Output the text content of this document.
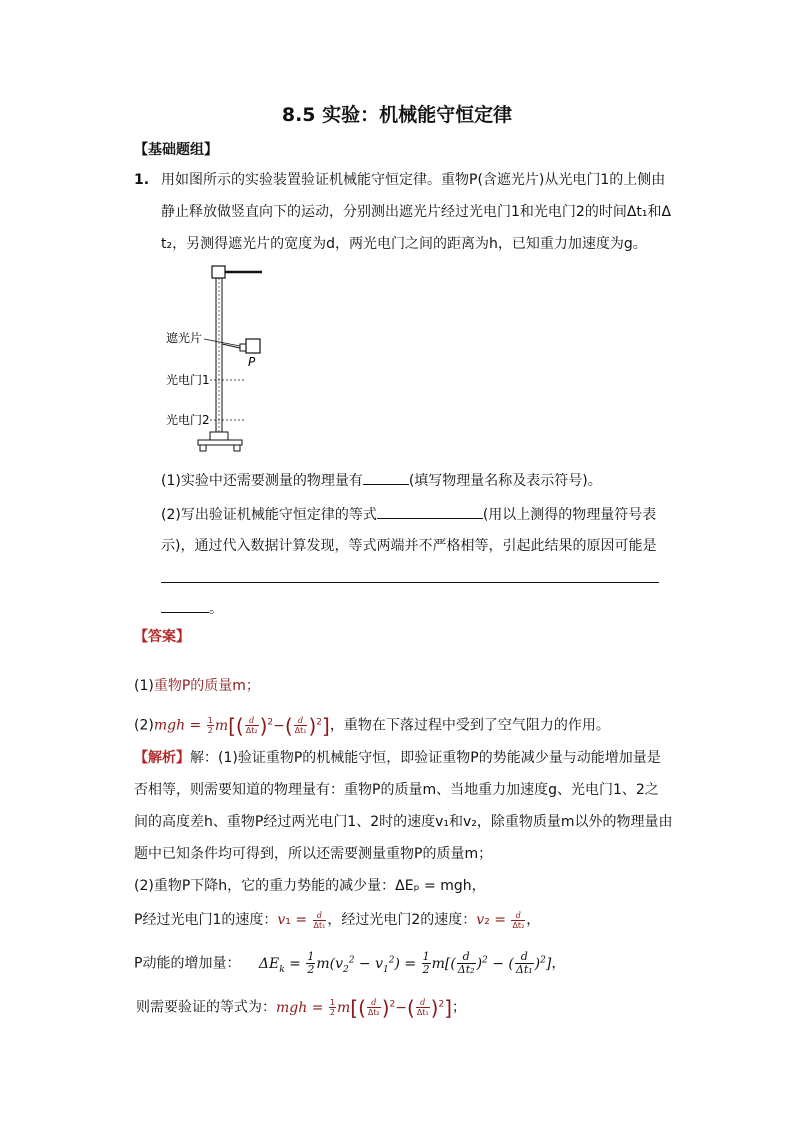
8.5 实验：机械能守恒定律
【基础题组】
1. 用如图所示的实验装置验证机械能守恒定律。重物P(含遮光片)从光电门1的上侧由
静止释放做竖直向下的运动，分别测出遮光片经过光电门1和光电门2的时间Δt₁和Δ
t₂，另测得遮光片的宽度为d，两光电门之间的距离为h，已知重力加速度为g。
遮光片
P
光电门1
光电门2
(1)实验中还需要测量的物理量有	(填写物理量名称及表示符号)。
(2)写出验证机械能守恒定律的等式	(用以上测得的物理量符号表
示)，通过代入数据计算发现，等式两端并不严格相等，引起此结果的原因可能是
。
【答案】
(1)重物P的质量m；
$(2)mgh = \frac{1}{2} m[( \frac{d}{\text{Δt₂}} )^2-( \frac{d}{\text{Δt₁}} )^2]$，重物在下落过程中受到了空气阻力的作用。
【解析】解：(1)验证重物P的机械能守恒，即验证重物P的势能减少量与动能增加量是
否相等，则需要知道的物理量有：重物P的质量m、当地重力加速度g、光电门1、2之
间的高度差h、重物P经过两光电门1、2时的速度v₁和v₂，除重物质量m以外的物理量由
题中已知条件均可得到，所以还需要测量重物P的质量m；
(2)重物P下降h，它的重力势能的减少量：ΔEₚ = mgh，
P经过光电门1的速度：$v_1 = \frac{d}{\text{Δt₁}}$ ，经过光电门2的速度：$v_2 = \frac{d}{\text{Δt₂}}$ ，
P动能的增加量： $\Delta E_k = \frac{1}{2} m(v_2^2 - v_1^2) = \frac{1}{2} m[( \frac{d}{\text{Δt₂}} )^2$ − ( $\frac{d}{\text{Δt₁}} )^2$]，
则需要验证的等式为：mgh = $\frac{1}{2} m[( \frac{d}{\text{Δt₂}} )^2-( \frac{d}{\text{Δt₁}} )^2]$；
